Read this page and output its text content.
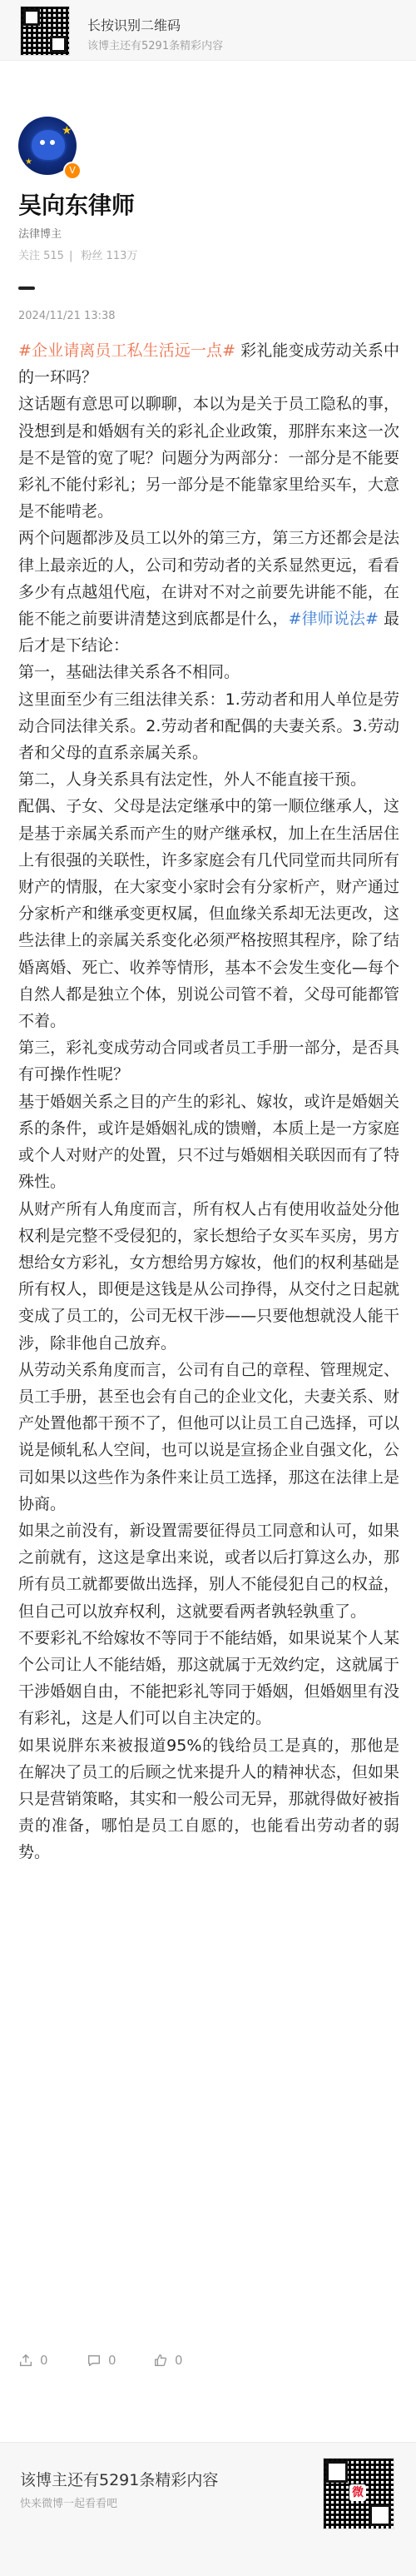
长按识别二维码
该博主还有5291条精彩内容
★
★
V
吴向东律师
法律博主
关注 515 | 粉丝 113万
2024/11/21 13:38

#企业请离员工私生活远一点# 彩礼能变成劳动关系中的一环吗？

这话题有意思可以聊聊，本以为是关于员工隐私的事，没想到是和婚姻有关的彩礼企业政策，那胖东来这一次是不是管的宽了呢？问题分为两部分：一部分是不能要彩礼不能付彩礼；另一部分是不能靠家里给买车，大意是不能啃老。

两个问题都涉及员工以外的第三方，第三方还都会是法律上最亲近的人，公司和劳动者的关系显然更远，看看多少有点越俎代庖，在讲对不对之前要先讲能不能，在能不能之前要讲清楚这到底都是什么，#律师说法# 最后才是下结论：

第一，基础法律关系各不相同。

这里面至少有三组法律关系：1.劳动者和用人单位是劳动合同法律关系。2.劳动者和配偶的夫妻关系。3.劳动者和父母的直系亲属关系。

第二，人身关系具有法定性，外人不能直接干预。

配偶、子女、父母是法定继承中的第一顺位继承人，这是基于亲属关系而产生的财产继承权，加上在生活居住上有很强的关联性，许多家庭会有几代同堂而共同所有财产的情服，在大家变小家时会有分家析产，财产通过分家析产和继承变更权属，但血缘关系却无法更改，这些法律上的亲属关系变化必须严格按照其程序，除了结婚离婚、死亡、收养等情形，基本不会发生变化—每个自然人都是独立个体，别说公司管不着，父母可能都管不着。

第三，彩礼变成劳动合同或者员工手册一部分，是否具有可操作性呢？

基于婚姻关系之目的产生的彩礼、嫁妆，或许是婚姻关系的条件，或许是婚姻礼成的馈赠，本质上是一方家庭或个人对财产的处置，只不过与婚姻相关联因而有了特殊性。

从财产所有人角度而言，所有权人占有使用收益处分他权利是完整不受侵犯的，家长想给子女买车买房，男方想给女方彩礼，女方想给男方嫁妆，他们的权利基础是所有权人，即便是这钱是从公司挣得，从交付之日起就变成了员工的，公司无权干涉——只要他想就没人能干涉，除非他自己放弃。

从劳动关系角度而言，公司有自己的章程、管理规定、员工手册，甚至也会有自己的企业文化，夫妻关系、财产处置他都干预不了，但他可以让员工自己选择，可以说是倾轧私人空间，也可以说是宣扬企业自强文化，公司如果以这些作为条件来让员工选择，那这在法律上是协商。

如果之前没有，新设置需要征得员工同意和认可，如果之前就有，这这是拿出来说，或者以后打算这么办，那所有员工就都要做出选择，别人不能侵犯自己的权益，但自己可以放弃权利，这就要看两者孰轻孰重了。

不要彩礼不给嫁妆不等同于不能结婚，如果说某个人某个公司让人不能结婚，那这就属于无效约定，这就属于干涉婚姻自由，不能把彩礼等同于婚姻，但婚姻里有没有彩礼，这是人们可以自主决定的。

如果说胖东来被报道95%的钱给员工是真的，那他是在解决了员工的后顾之忧来提升人的精神状态，但如果只是营销策略，其实和一般公司无异，那就得做好被指责的准备，哪怕是员工自愿的，也能看出劳动者的弱势。

0	0	0
该博主还有5291条精彩内容
快来微博一起看看吧
微
